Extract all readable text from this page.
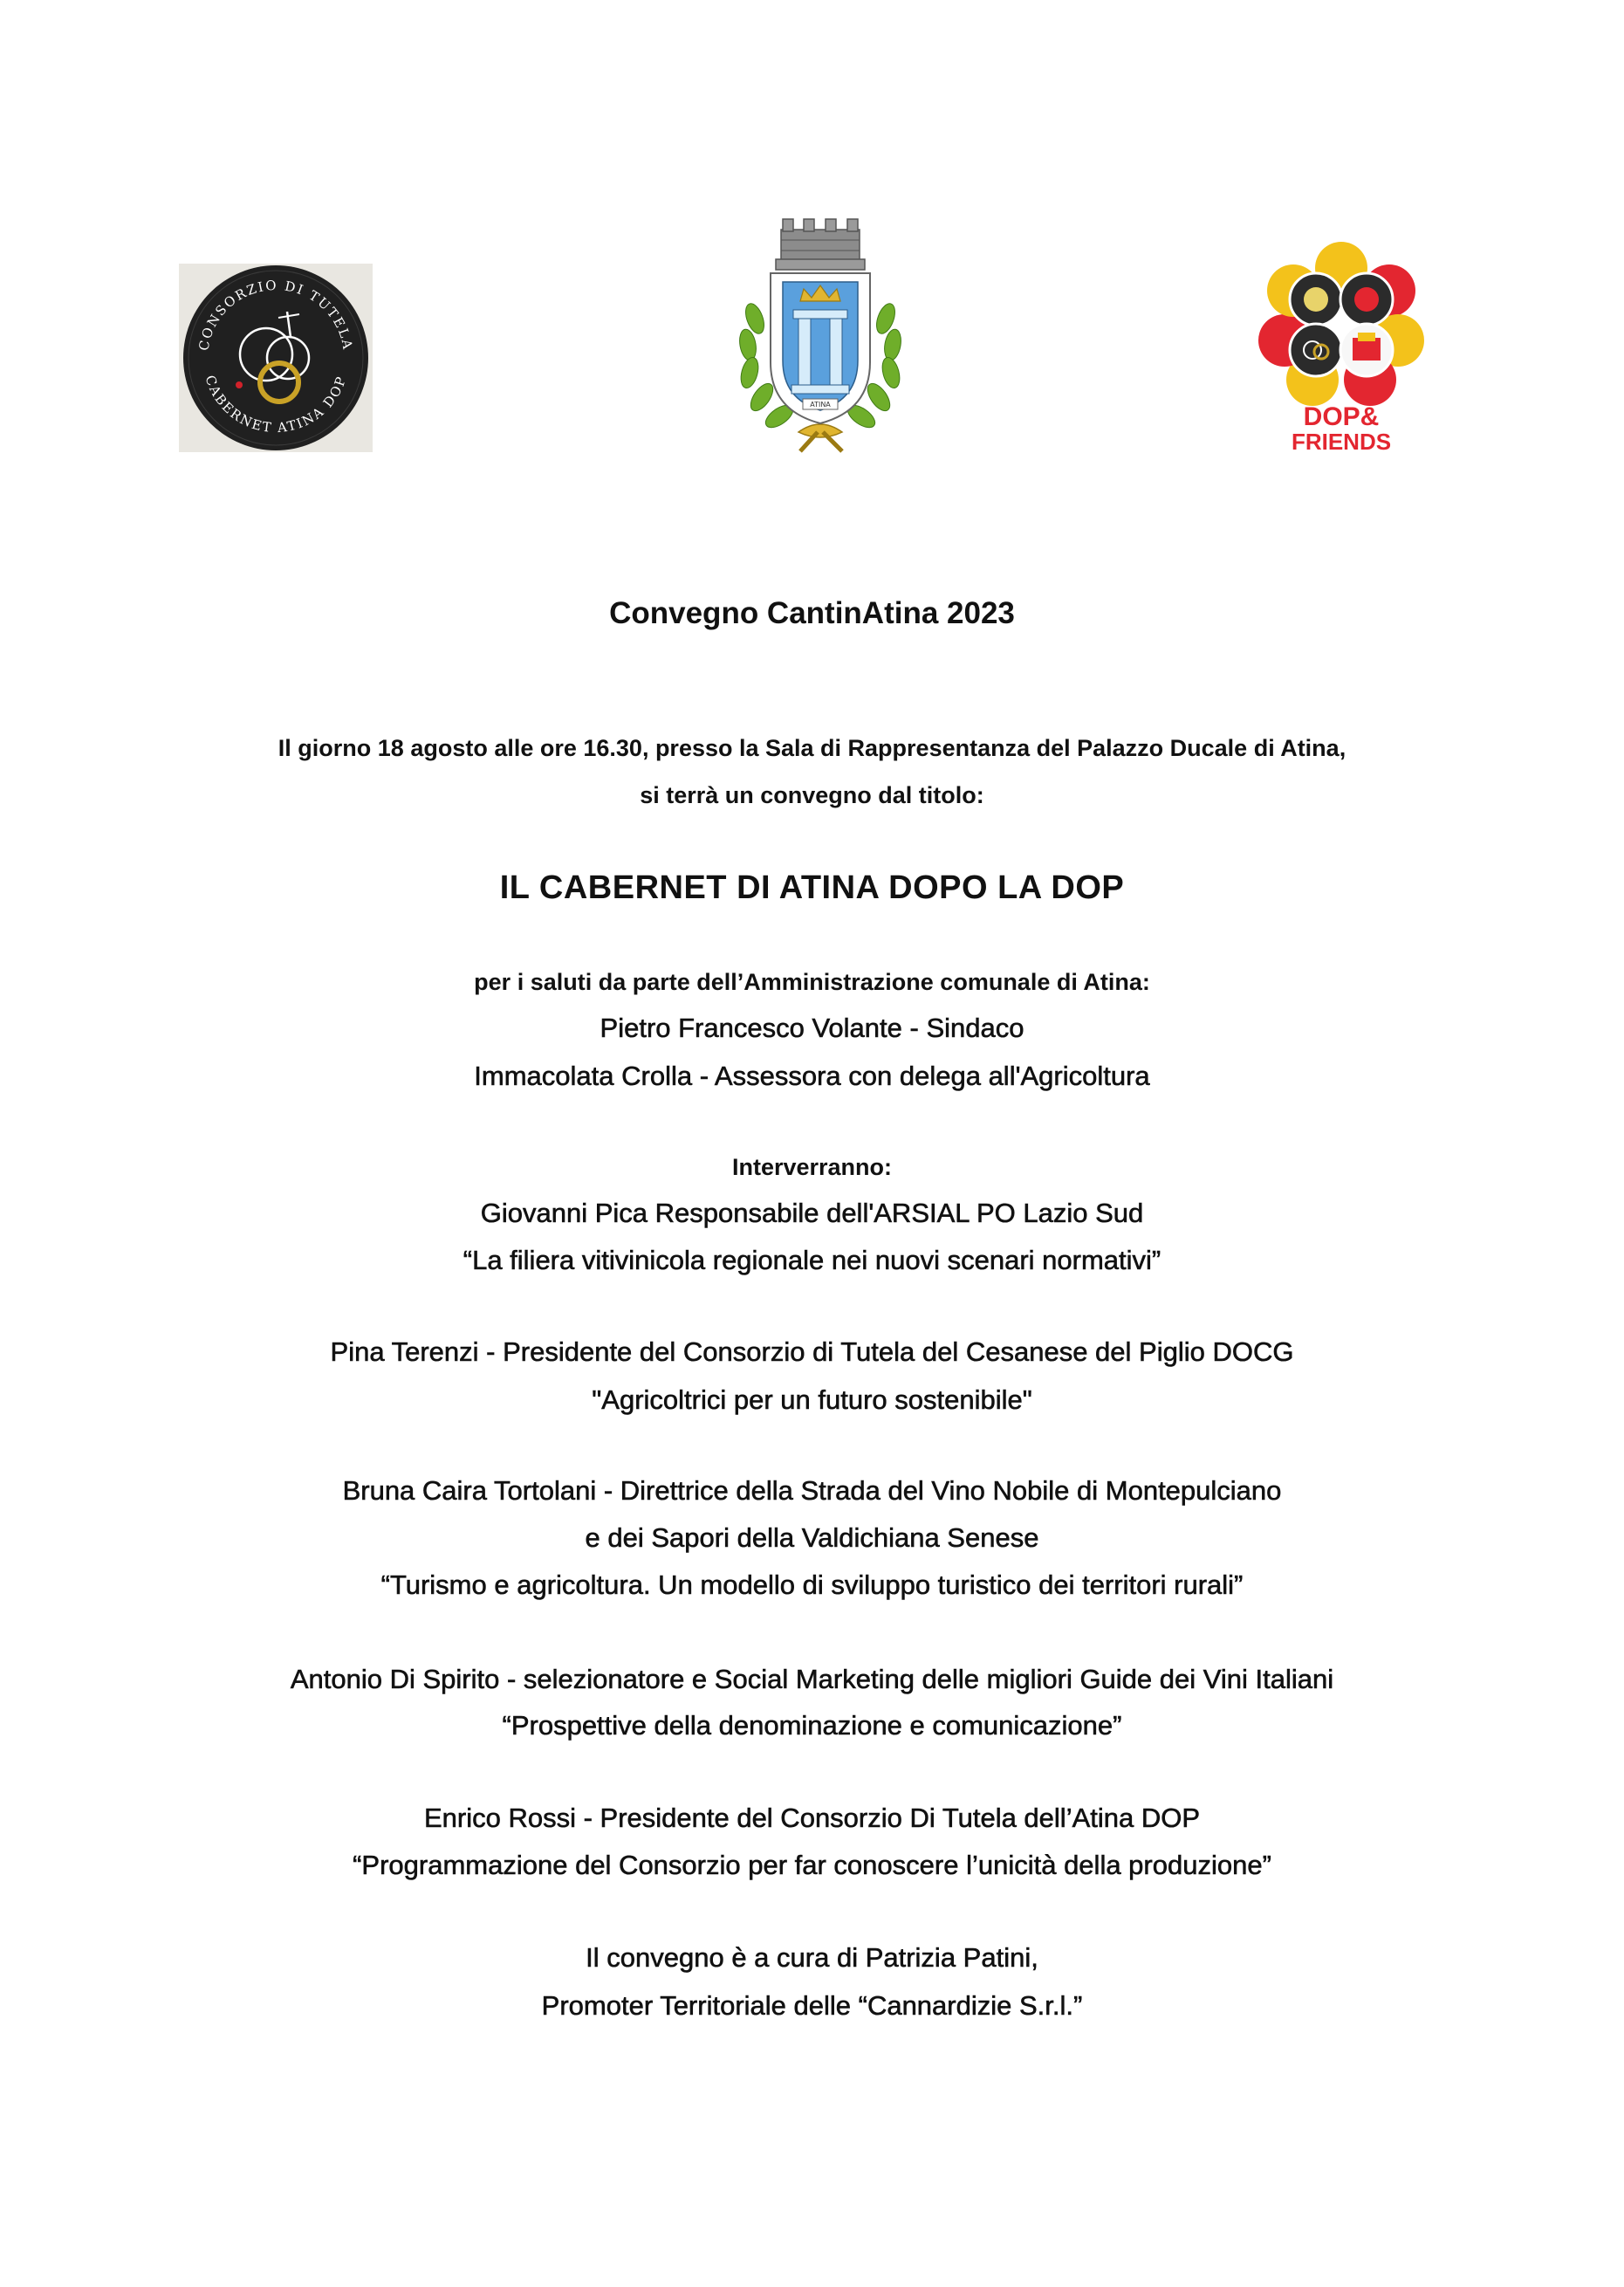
CONSORZIO DI TUTELA
CABERNET ATINA DOP
ATINA	DOP&
FRIENDS
Convegno CantinAtina 2023
Il giorno 18 agosto alle ore 16.30, presso la Sala di Rappresentanza del Palazzo Ducale di Atina,
si terrà un convegno dal titolo:
IL CABERNET DI ATINA DOPO LA DOP
per i saluti da parte dell’Amministrazione comunale di Atina:
Pietro Francesco Volante - Sindaco
Immacolata Crolla - Assessora con delega all'Agricoltura
Interverranno:
Giovanni Pica Responsabile dell'ARSIAL PO Lazio Sud
“La filiera vitivinicola regionale nei nuovi scenari normativi”
Pina Terenzi - Presidente del Consorzio di Tutela del Cesanese del Piglio DOCG
"Agricoltrici per un futuro sostenibile"
Bruna Caira Tortolani - Direttrice della Strada del Vino Nobile di Montepulciano
e dei Sapori della Valdichiana Senese
“Turismo e agricoltura. Un modello di sviluppo turistico dei territori rurali”
Antonio Di Spirito - selezionatore e Social Marketing delle migliori Guide dei Vini Italiani
“Prospettive della denominazione e comunicazione”
Enrico Rossi - Presidente del Consorzio Di Tutela dell’Atina DOP
“Programmazione del Consorzio per far conoscere l’unicità della produzione”
Il convegno è a cura di Patrizia Patini,
Promoter Territoriale delle “Cannardizie S.r.l.”
